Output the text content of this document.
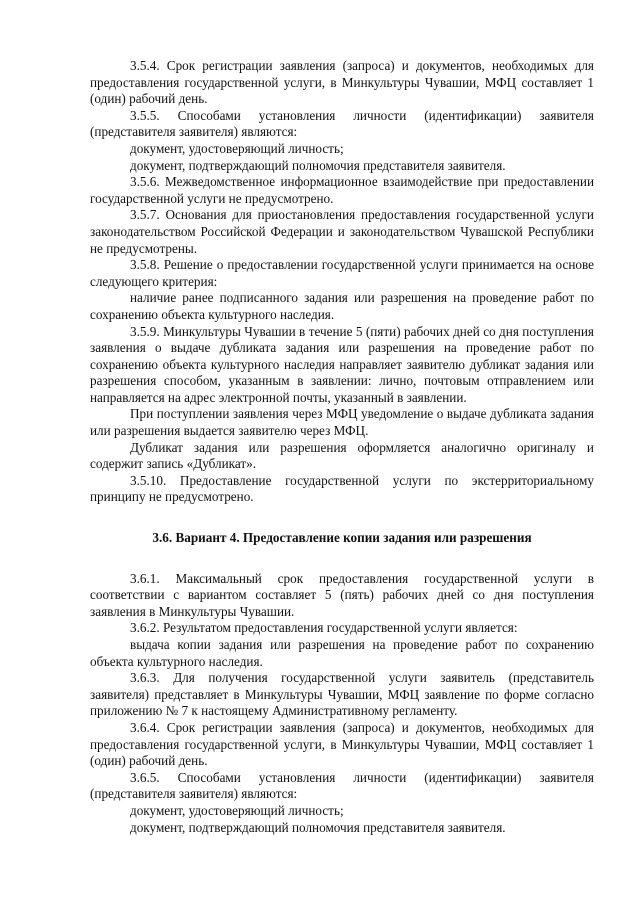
3.5.4. Срок регистрации заявления (запроса) и документов, необходимых для предоставления государственной услуги, в Минкультуры Чувашии, МФЦ составляет 1 (один) рабочий день.

3.5.5. Способами установления личности (идентификации) заявителя (представителя заявителя) являются:

документ, удостоверяющий личность;

документ, подтверждающий полномочия представителя заявителя.

3.5.6. Межведомственное информационное взаимодействие при предоставлении государственной услуги не предусмотрено.

3.5.7. Основания для приостановления предоставления государственной услуги законодательством Российской Федерации и законодательством Чувашской Республики не предусмотрены.

3.5.8. Решение о предоставлении государственной услуги принимается на основе следующего критерия:

наличие ранее подписанного задания или разрешения на проведение работ по сохранению объекта культурного наследия.

3.5.9. Минкультуры Чувашии в течение 5 (пяти) рабочих дней со дня поступления заявления о выдаче дубликата задания или разрешения на проведение работ по сохранению объекта культурного наследия направляет заявителю дубликат задания или разрешения способом, указанным в заявлении: лично, почтовым отправлением или направляется на адрес электронной почты, указанный в заявлении.

При поступлении заявления через МФЦ уведомление о выдаче дубликата задания или разрешения выдается заявителю через МФЦ.

Дубликат задания или разрешения оформляется аналогично оригиналу и содержит запись «Дубликат».

3.5.10. Предоставление государственной услуги по экстерриториальному принципу не предусмотрено.

3.6. Вариант 4. Предоставление копии задания или разрешения

3.6.1. Максимальный срок предоставления государственной услуги в соответствии с вариантом составляет 5 (пять) рабочих дней со дня поступления заявления в Минкультуры Чувашии.

3.6.2. Результатом предоставления государственной услуги является:

выдача копии задания или разрешения на проведение работ по сохранению объекта культурного наследия.

3.6.3. Для получения государственной услуги заявитель (представитель заявителя) представляет в Минкультуры Чувашии, МФЦ заявление по форме согласно приложению № 7 к настоящему Административному регламенту.

3.6.4. Срок регистрации заявления (запроса) и документов, необходимых для предоставления государственной услуги, в Минкультуры Чувашии, МФЦ составляет 1 (один) рабочий день.

3.6.5. Способами установления личности (идентификации) заявителя (представителя заявителя) являются:

документ, удостоверяющий личность;

документ, подтверждающий полномочия представителя заявителя.
